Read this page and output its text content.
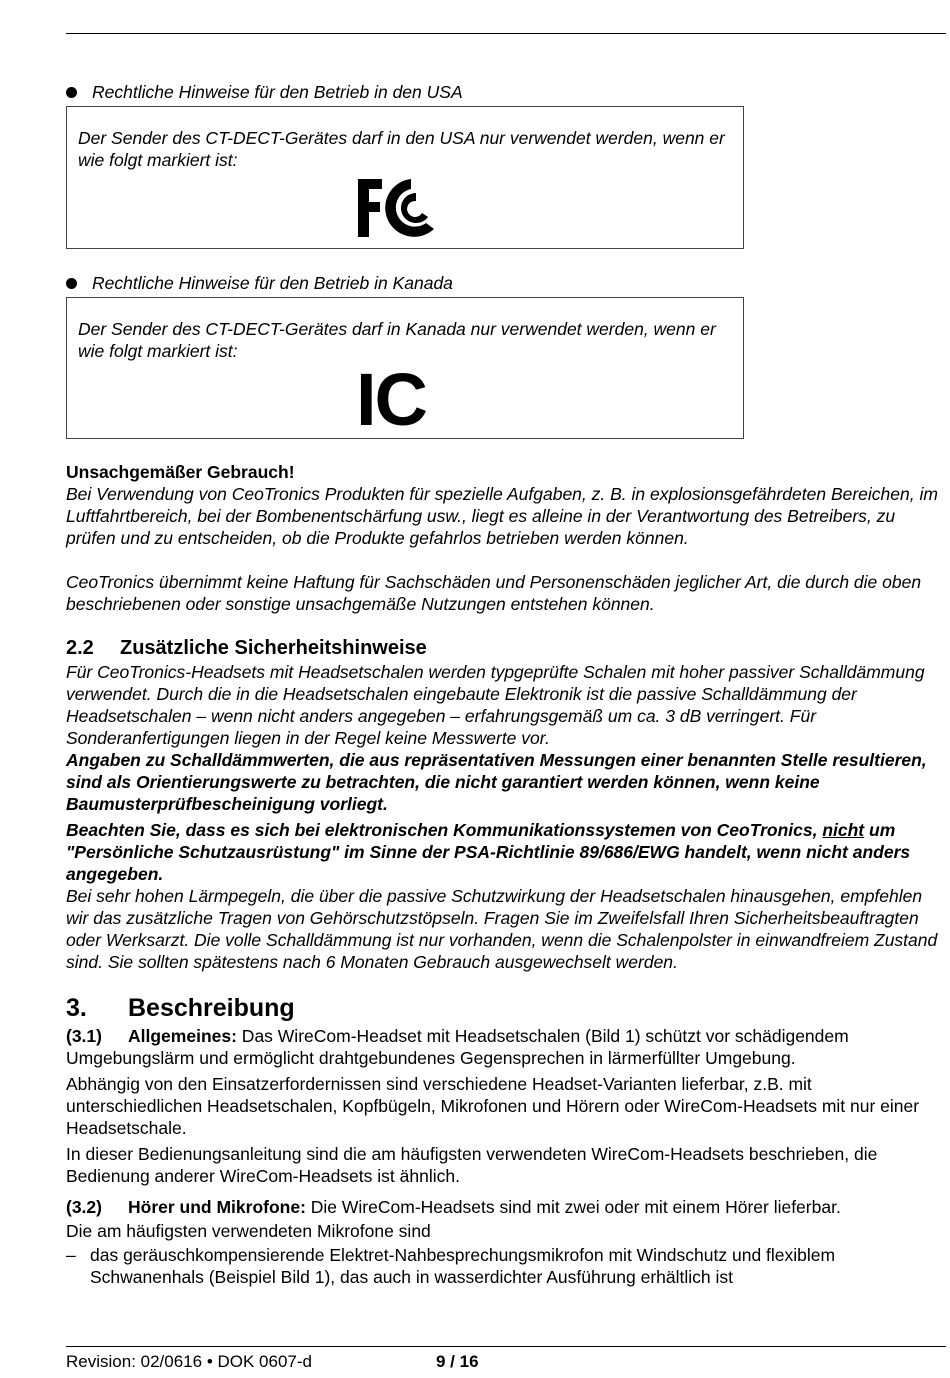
Rechtliche Hinweise für den Betrieb in den USA

Der Sender des CT-DECT-Gerätes darf in den USA nur verwendet werden, wenn er wie folgt markiert ist:

Rechtliche Hinweise für den Betrieb in Kanada

Der Sender des CT-DECT-Gerätes darf in Kanada nur verwendet werden, wenn er wie folgt markiert ist:

IC

Unsachgemäßer Gebrauch!

Bei Verwendung von CeoTronics Produkten für spezielle Aufgaben, z. B. in explosionsgefährdeten Bereichen, im Luftfahrtbereich, bei der Bombenentschärfung usw., liegt es alleine in der Verantwortung des Betreibers, zu prüfen und zu entscheiden, ob die Produkte gefahrlos betrieben werden können.

CeoTronics übernimmt keine Haftung für Sachschäden und Personenschäden jeglicher Art, die durch die oben beschriebenen oder sonstige unsachgemäße Nutzungen entstehen können.

2.2 Zusätzliche Sicherheitshinweise

Für CeoTronics-Headsets mit Headsetschalen werden typgeprüfte Schalen mit hoher passiver Schalldämmung verwendet. Durch die in die Headsetschalen eingebaute Elektronik ist die passive Schalldämmung der Headsetschalen – wenn nicht anders angegeben – erfahrungsgemäß um ca. 3 dB verringert. Für Sonderanfertigungen liegen in der Regel keine Messwerte vor.

Angaben zu Schalldämmwerten, die aus repräsentativen Messungen einer benannten Stelle resultieren, sind als Orientierungswerte zu betrachten, die nicht garantiert werden können, wenn keine Baumusterprüfbescheinigung vorliegt.

Beachten Sie, dass es sich bei elektronischen Kommunikationssystemen von CeoTronics, nicht um "Persönliche Schutzausrüstung" im Sinne der PSA-Richtlinie 89/686/EWG handelt, wenn nicht anders angegeben.

Bei sehr hohen Lärmpegeln, die über die passive Schutzwirkung der Headsetschalen hinausgehen, empfehlen wir das zusätzliche Tragen von Gehörschutzstöpseln. Fragen Sie im Zweifelsfall Ihren Sicherheitsbeauftragten oder Werksarzt. Die volle Schalldämmung ist nur vorhanden, wenn die Schalenpolster in einwandfreiem Zustand sind. Sie sollten spätestens nach 6 Monaten Gebrauch ausgewechselt werden.

3. Beschreibung

(3.1) Allgemeines: Das WireCom-Headset mit Headsetschalen (Bild 1) schützt vor schädigendem Umgebungslärm und ermöglicht drahtgebundenes Gegensprechen in lärmerfüllter Umgebung.

Abhängig von den Einsatzerfordernissen sind verschiedene Headset-Varianten lieferbar, z.B. mit unterschiedlichen Headsetschalen, Kopfbügeln, Mikrofonen und Hörern oder WireCom-Headsets mit nur einer Headsetschale.

In dieser Bedienungsanleitung sind die am häufigsten verwendeten WireCom-Headsets beschrieben, die Bedienung anderer WireCom-Headsets ist ähnlich.

(3.2) Hörer und Mikrofone: Die WireCom-Headsets sind mit zwei oder mit einem Hörer lieferbar.

Die am häufigsten verwendeten Mikrofone sind

– das geräuschkompensierende Elektret-Nahbesprechungsmikrofon mit Windschutz und flexiblem Schwanenhals (Beispiel Bild 1), das auch in wasserdichter Ausführung erhältlich ist
Revision: 02/0616 • DOK 0607-d	9 / 16
